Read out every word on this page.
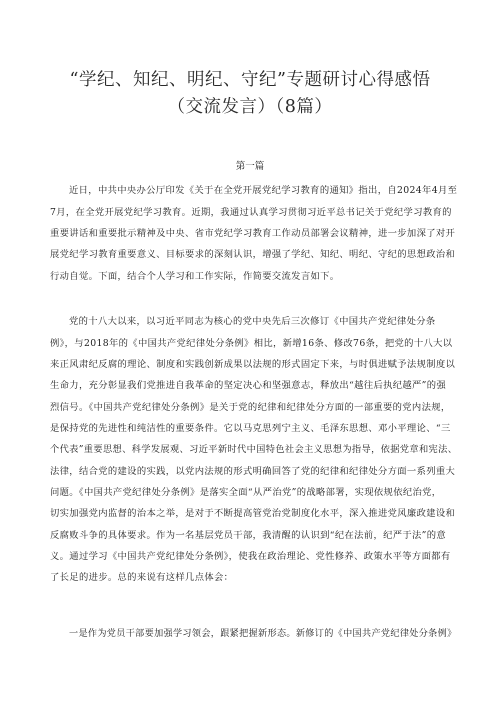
“学纪、知纪、明纪、守纪”专题研讨心得感悟
（交流发言）（8篇）
第一篇
近日，中共中央办公厅印发《关于在全党开展党纪学习教育的通知》指出，自2024年4月至
7月，在全党开展党纪学习教育。近期，我通过认真学习贯彻习近平总书记关于党纪学习教育的
重要讲话和重要批示精神及中央、省市党纪学习教育工作动员部署会议精神，进一步加深了对开
展党纪学习教育重要意义、目标要求的深刻认识，增强了学纪、知纪、明纪、守纪的思想政治和
行动自觉。下面，结合个人学习和工作实际，作简要交流发言如下。
党的十八大以来，以习近平同志为核心的党中央先后三次修订《中国共产党纪律处分条
例》，与2018年的《中国共产党纪律处分条例》相比，新增16条、修改76条，把党的十八大以
来正风肃纪反腐的理论、制度和实践创新成果以法规的形式固定下来，与时俱进赋予法规制度以
生命力，充分彰显我们党推进自我革命的坚定决心和坚强意志，释放出“越往后执纪越严”的强
烈信号。《中国共产党纪律处分条例》是关于党的纪律和纪律处分方面的一部重要的党内法规，
是保持党的先进性和纯洁性的重要条件。它以马克思列宁主义、毛泽东思想、邓小平理论、“三
个代表”重要思想、科学发展观、习近平新时代中国特色社会主义思想为指导，依据党章和宪法、
法律，结合党的建设的实践，以党内法规的形式明确回答了党的纪律和纪律处分方面一系列重大
问题。《中国共产党纪律处分条例》是落实全面“从严治党”的战略部署，实现依规依纪治党，
切实加强党内监督的治本之举，是对于不断提高管党治党制度化水平，深入推进党风廉政建设和
反腐败斗争的具体要求。作为一名基层党员干部，我清醒的认识到“纪在法前，纪严于法”的意
义。通过学习《中国共产党纪律处分条例》，使我在政治理论、党性修养、政策水平等方面都有
了长足的进步。总的来说有这样几点体会：
一是作为党员干部要加强学习领会，跟紧把握新形态。新修订的《中国共产党纪律处分条例》
